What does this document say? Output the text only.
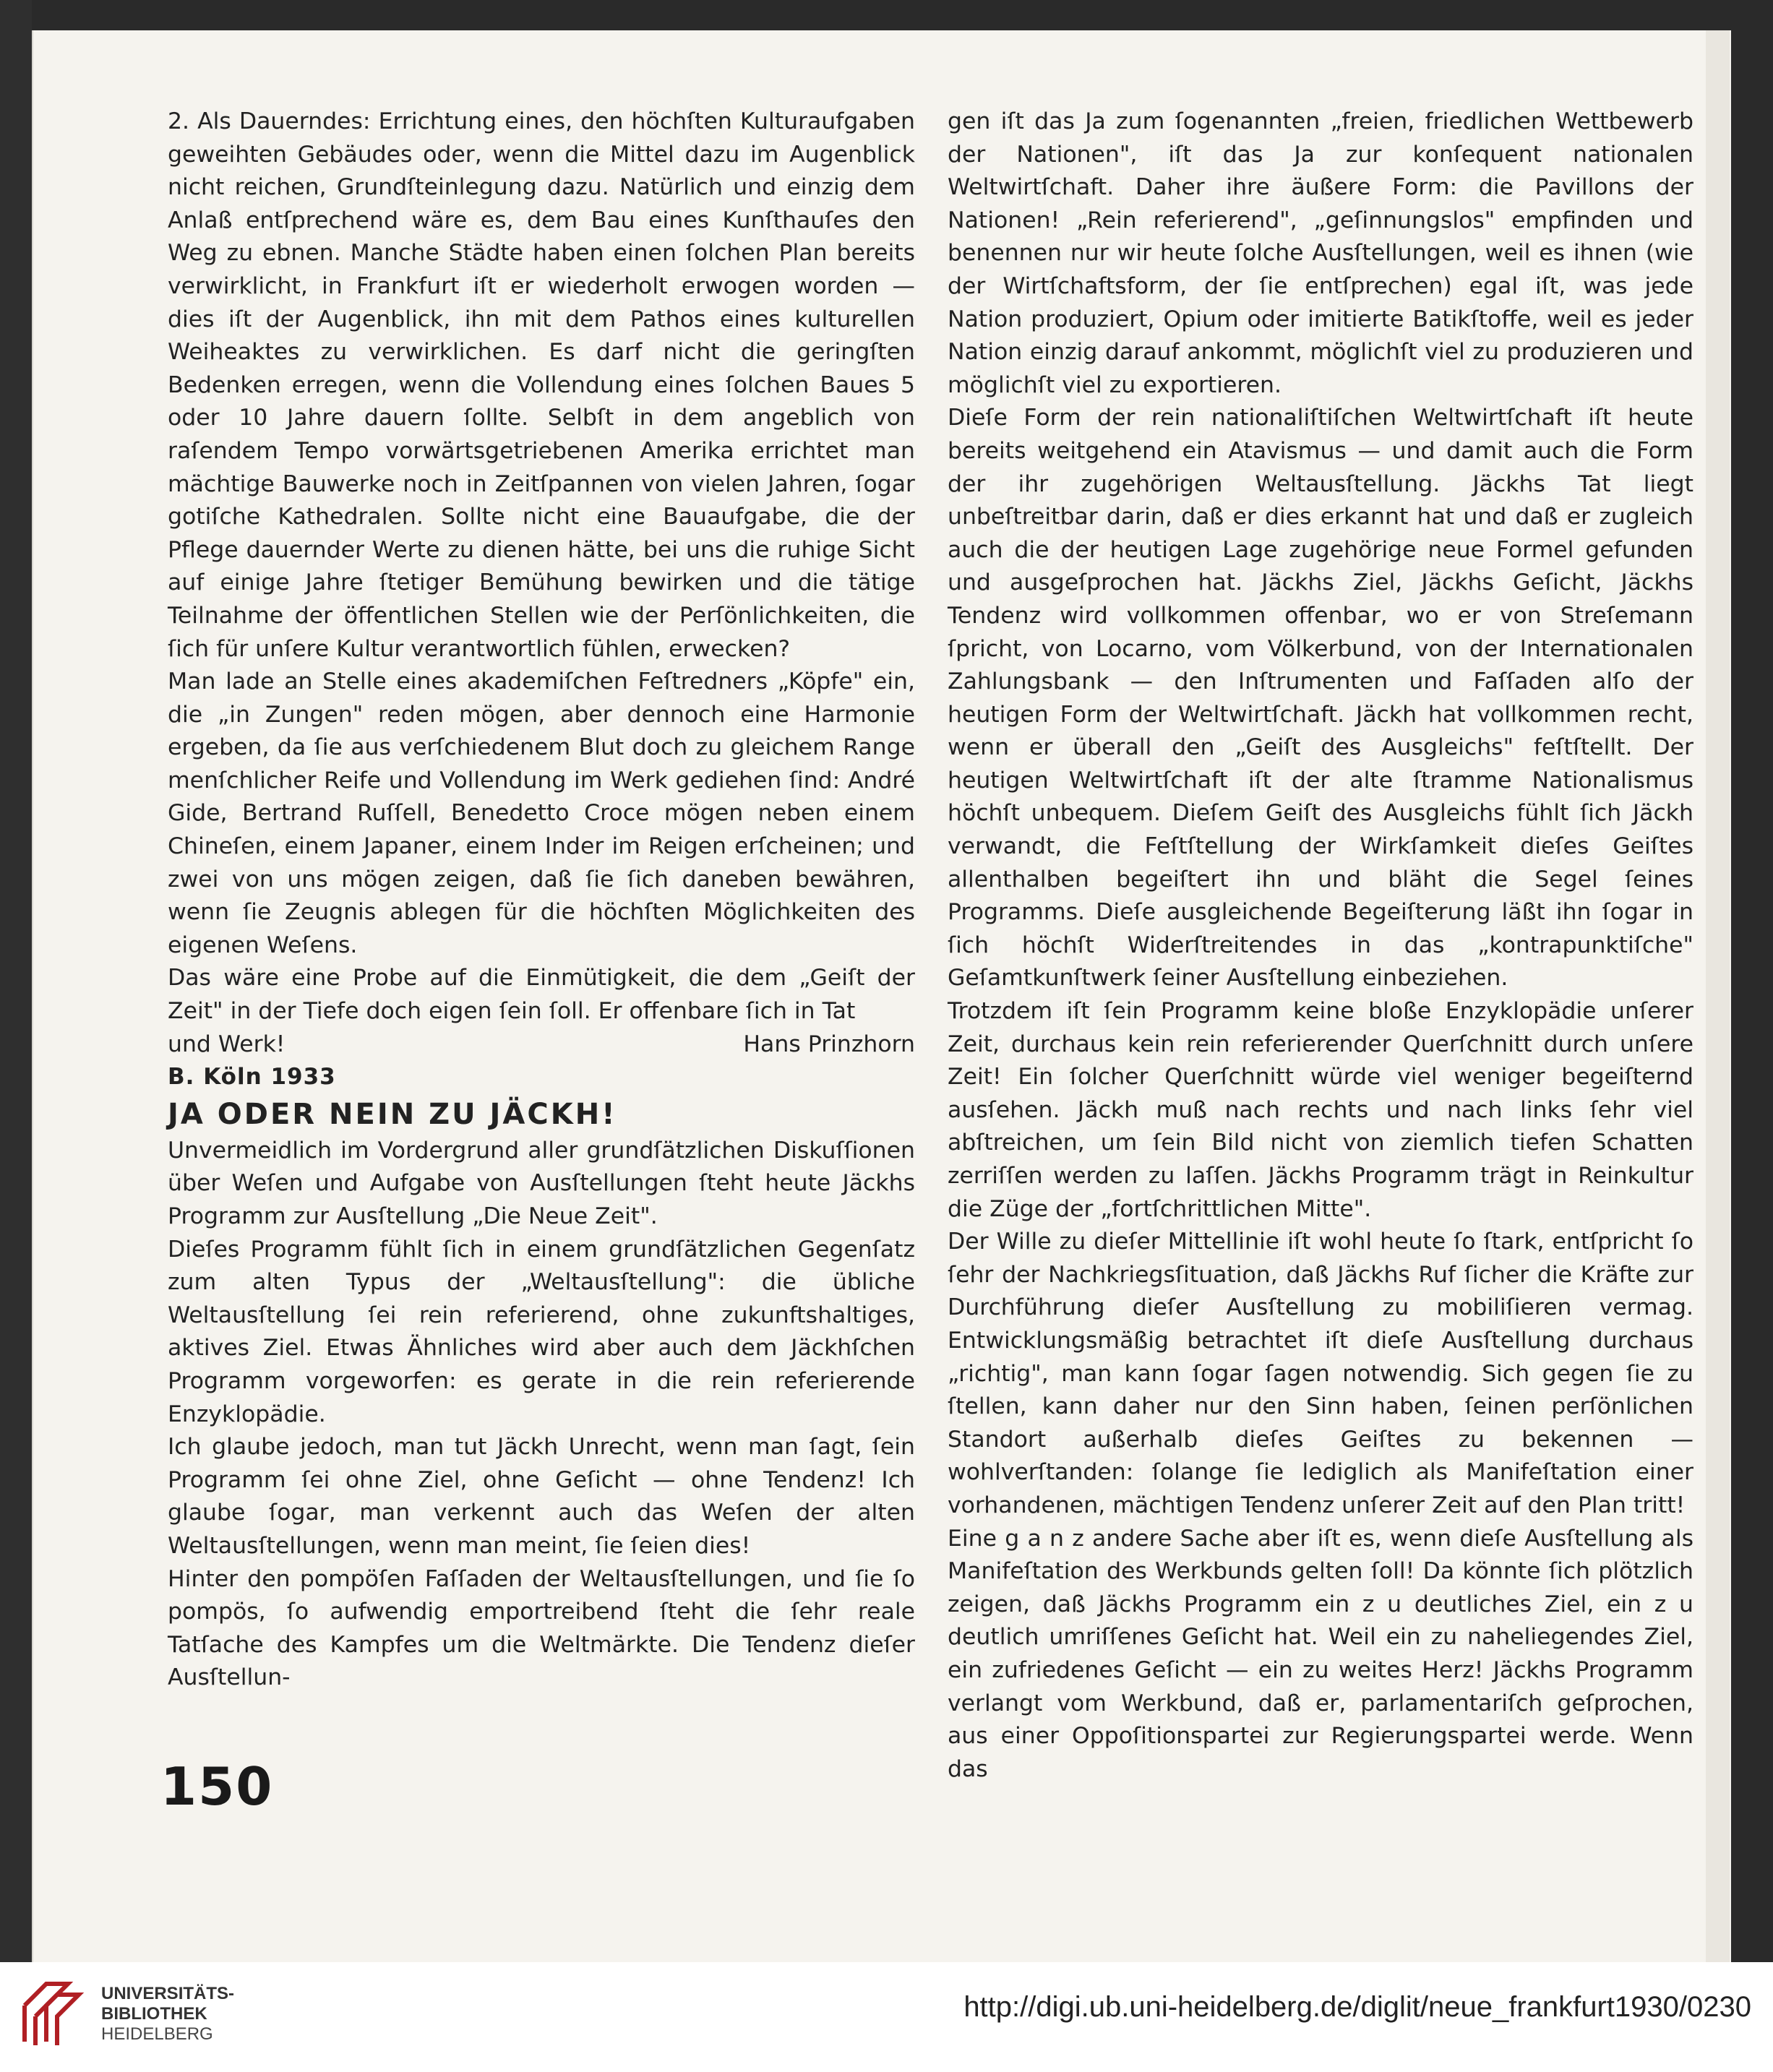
2. Als Dauerndes: Errichtung eines, den höchſten Kulturaufgaben geweihten Gebäudes oder, wenn die Mittel dazu im Augenblick nicht reichen, Grundſteinlegung dazu. Natürlich und einzig dem Anlaß entſprechend wäre es, dem Bau eines Kunſthauſes den Weg zu ebnen. Manche Städte haben einen ſolchen Plan bereits verwirklicht, in Frankfurt iſt er wiederholt erwogen worden — dies iſt der Augenblick, ihn mit dem Pathos eines kulturellen Weiheaktes zu verwirklichen. Es darf nicht die geringſten Bedenken erregen, wenn die Vollendung eines ſolchen Baues 5 oder 10 Jahre dauern ſollte. Selbſt in dem angeblich von raſendem Tempo vorwärtsgetriebenen Amerika errichtet man mächtige Bauwerke noch in Zeitſpannen von vielen Jahren, ſogar gotiſche Kathedralen. Sollte nicht eine Bauaufgabe, die der Pflege dauernder Werte zu dienen hätte, bei uns die ruhige Sicht auf einige Jahre ſtetiger Bemühung bewirken und die tätige Teilnahme der öffentlichen Stellen wie der Perſönlichkeiten, die ſich für unſere Kultur verantwortlich fühlen, erwecken?

Man lade an Stelle eines akademiſchen Feſtredners „Köpfe" ein, die „in Zungen" reden mögen, aber dennoch eine Harmonie ergeben, da ſie aus verſchiedenem Blut doch zu gleichem Range menſchlicher Reife und Vollendung im Werk gediehen ſind: André Gide, Bertrand Ruſſell, Benedetto Croce mögen neben einem Chineſen, einem Japaner, einem Inder im Reigen erſcheinen; und zwei von uns mögen zeigen, daß ſie ſich daneben bewähren, wenn ſie Zeugnis ablegen für die höchſten Möglichkeiten des eigenen Weſens.

Das wäre eine Probe auf die Einmütigkeit, die dem „Geiſt der Zeit" in der Tiefe doch eigen ſein ſoll. Er offenbare ſich in Tat

und Werk!	Hans Prinzhorn

B. Köln 1933

JA ODER NEIN ZU JÄCKH!

Unvermeidlich im Vordergrund aller grundſätzlichen Diskuſſionen über Weſen und Aufgabe von Ausſtellungen ſteht heute Jäckhs Programm zur Ausſtellung „Die Neue Zeit".

Dieſes Programm fühlt ſich in einem grundſätzlichen Gegenſatz zum alten Typus der „Weltausſtellung": die übliche Weltausſtellung ſei rein referierend, ohne zukunftshaltiges, aktives Ziel. Etwas Ähnliches wird aber auch dem Jäckhſchen Programm vorgeworfen: es gerate in die rein referierende Enzyklopädie.

Ich glaube jedoch, man tut Jäckh Unrecht, wenn man ſagt, ſein Programm ſei ohne Ziel, ohne Geſicht — ohne Tendenz! Ich glaube ſogar, man verkennt auch das Weſen der alten Weltausſtellungen, wenn man meint, ſie ſeien dies!

Hinter den pompöſen Faſſaden der Weltausſtellungen, und ſie ſo pompös, ſo aufwendig emportreibend ſteht die ſehr reale Tatſache des Kampfes um die Weltmärkte. Die Tendenz dieſer Ausſtellun-

gen iſt das Ja zum ſogenannten „freien, friedlichen Wettbewerb der Nationen", iſt das Ja zur konſequent nationalen Weltwirtſchaft. Daher ihre äußere Form: die Pavillons der Nationen! „Rein referierend", „geſinnungslos" empfinden und benennen nur wir heute ſolche Ausſtellungen, weil es ihnen (wie der Wirtſchaftsform, der ſie entſprechen) egal iſt, was jede Nation produziert, Opium oder imitierte Batikſtoffe, weil es jeder Nation einzig darauf ankommt, möglichſt viel zu produzieren und möglichſt viel zu exportieren.

Dieſe Form der rein nationaliſtiſchen Weltwirtſchaft iſt heute bereits weitgehend ein Atavismus — und damit auch die Form der ihr zugehörigen Weltausſtellung. Jäckhs Tat liegt unbeſtreitbar darin, daß er dies erkannt hat und daß er zugleich auch die der heutigen Lage zugehörige neue Formel gefunden und ausgeſprochen hat. Jäckhs Ziel, Jäckhs Geſicht, Jäckhs Tendenz wird vollkommen offenbar, wo er von Streſemann ſpricht, von Locarno, vom Völkerbund, von der Internationalen Zahlungsbank — den Inſtrumenten und Faſſaden alſo der heutigen Form der Weltwirtſchaft. Jäckh hat vollkommen recht, wenn er überall den „Geiſt des Ausgleichs" feſtſtellt. Der heutigen Weltwirtſchaft iſt der alte ſtramme Nationalismus höchſt unbequem. Dieſem Geiſt des Ausgleichs fühlt ſich Jäckh verwandt, die Feſtſtellung der Wirkſamkeit dieſes Geiſtes allenthalben begeiſtert ihn und bläht die Segel ſeines Programms. Dieſe ausgleichende Begeiſterung läßt ihn ſogar in ſich höchſt Widerſtreitendes in das „kontrapunktiſche" Geſamtkunſtwerk ſeiner Ausſtellung einbeziehen.

Trotzdem iſt ſein Programm keine bloße Enzyklopädie unſerer Zeit, durchaus kein rein referierender Querſchnitt durch unſere Zeit! Ein ſolcher Querſchnitt würde viel weniger begeiſternd ausſehen. Jäckh muß nach rechts und nach links ſehr viel abſtreichen, um ſein Bild nicht von ziemlich tiefen Schatten zerriſſen werden zu laſſen. Jäckhs Programm trägt in Reinkultur die Züge der „fortſchrittlichen Mitte".

Der Wille zu dieſer Mittellinie iſt wohl heute ſo ſtark, entſpricht ſo ſehr der Nachkriegsſituation, daß Jäckhs Ruf ſicher die Kräfte zur Durchführung dieſer Ausſtellung zu mobiliſieren vermag. Entwicklungsmäßig betrachtet iſt dieſe Ausſtellung durchaus „richtig", man kann ſogar ſagen notwendig. Sich gegen ſie zu ſtellen, kann daher nur den Sinn haben, ſeinen perſönlichen Standort außerhalb dieſes Geiſtes zu bekennen — wohlverſtanden: ſolange ſie lediglich als Manifeſtation einer vorhandenen, mächtigen Tendenz unſerer Zeit auf den Plan tritt!

Eine g a n z andere Sache aber iſt es, wenn dieſe Ausſtellung als Manifeſtation des Werkbunds gelten ſoll! Da könnte ſich plötzlich zeigen, daß Jäckhs Programm ein z u deutliches Ziel, ein z u deutlich umriſſenes Geſicht hat. Weil ein zu naheliegendes Ziel, ein zufriedenes Geſicht — ein zu weites Herz! Jäckhs Programm verlangt vom Werkbund, daß er, parlamentariſch geſprochen, aus einer Oppoſitionspartei zur Regierungspartei werde. Wenn das

150
UNIVERSITÄTS-
BIBLIOTHEK
HEIDELBERG
http://digi.ub.uni-heidelberg.de/diglit/neue_frankfurt1930/0230
